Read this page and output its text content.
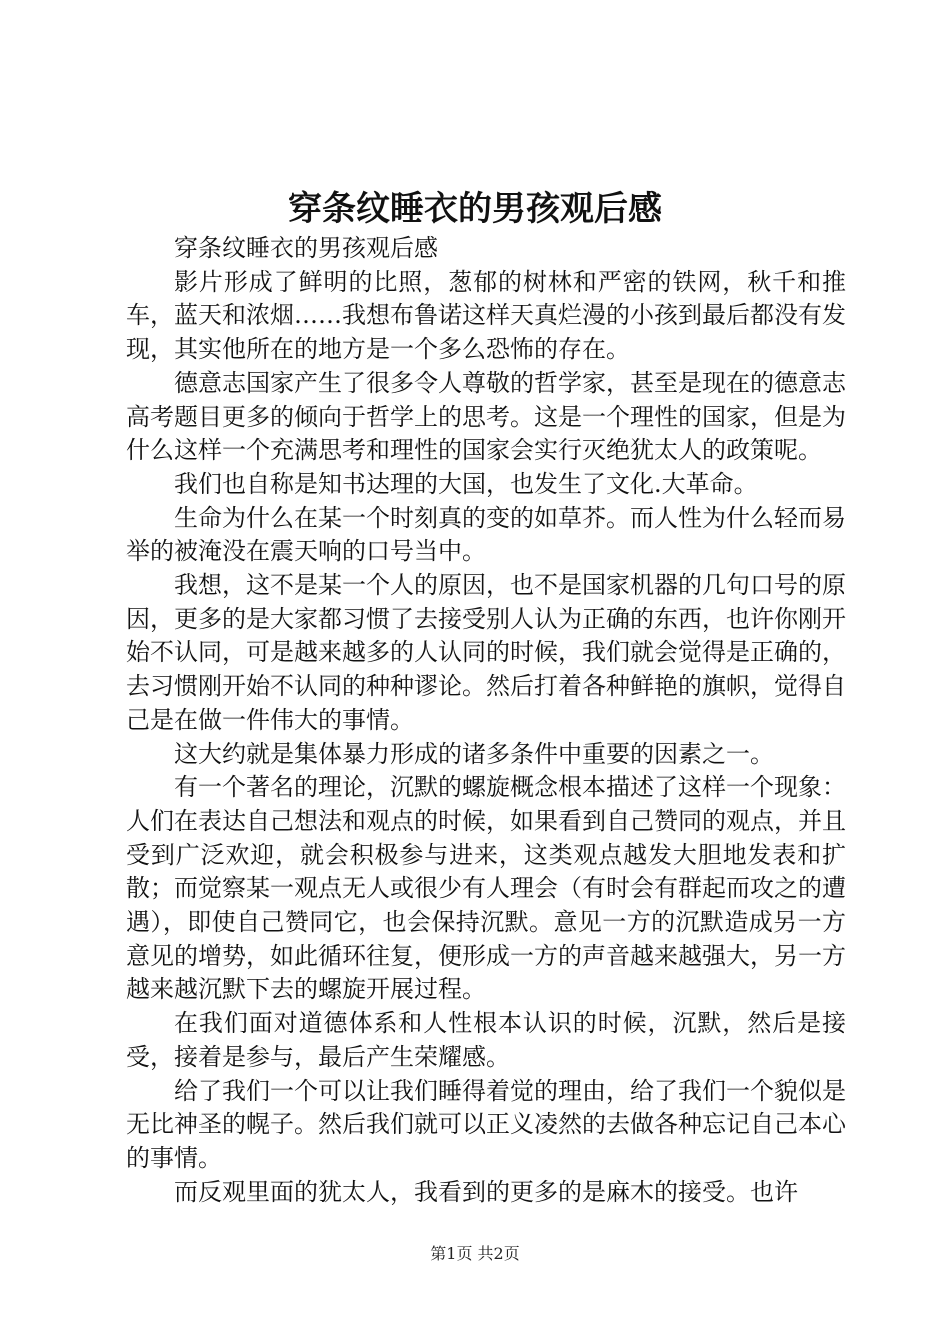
穿条纹睡衣的男孩观后感

穿条纹睡衣的男孩观后感

影片形成了鲜明的比照，葱郁的树林和严密的铁网，秋千和推车，蓝天和浓烟……我想布鲁诺这样天真烂漫的小孩到最后都没有发现，其实他所在的地方是一个多么恐怖的存在。

德意志国家产生了很多令人尊敬的哲学家，甚至是现在的德意志高考题目更多的倾向于哲学上的思考。这是一个理性的国家，但是为什么这样一个充满思考和理性的国家会实行灭绝犹太人的政策呢。

我们也自称是知书达理的大国，也发生了文化.大革命。

生命为什么在某一个时刻真的变的如草芥。而人性为什么轻而易举的被淹没在震天响的口号当中。

我想，这不是某一个人的原因，也不是国家机器的几句口号的原因，更多的是大家都习惯了去接受别人认为正确的东西，也许你刚开始不认同，可是越来越多的人认同的时候，我们就会觉得是正确的，去习惯刚开始不认同的种种谬论。然后打着各种鲜艳的旗帜，觉得自己是在做一件伟大的事情。

这大约就是集体暴力形成的诸多条件中重要的因素之一。

有一个著名的理论，沉默的螺旋概念根本描述了这样一个现象：人们在表达自己想法和观点的时候，如果看到自己赞同的观点，并且受到广泛欢迎，就会积极参与进来，这类观点越发大胆地发表和扩散；而觉察某一观点无人或很少有人理会（有时会有群起而攻之的遭遇），即使自己赞同它，也会保持沉默。意见一方的沉默造成另一方意见的增势，如此循环往复，便形成一方的声音越来越强大，另一方越来越沉默下去的螺旋开展过程。

在我们面对道德体系和人性根本认识的时候，沉默，然后是接受，接着是参与，最后产生荣耀感。

给了我们一个可以让我们睡得着觉的理由，给了我们一个貌似是无比神圣的幌子。然后我们就可以正义凌然的去做各种忘记自己本心的事情。

而反观里面的犹太人，我看到的更多的是麻木的接受。也许

第1页 共2页
